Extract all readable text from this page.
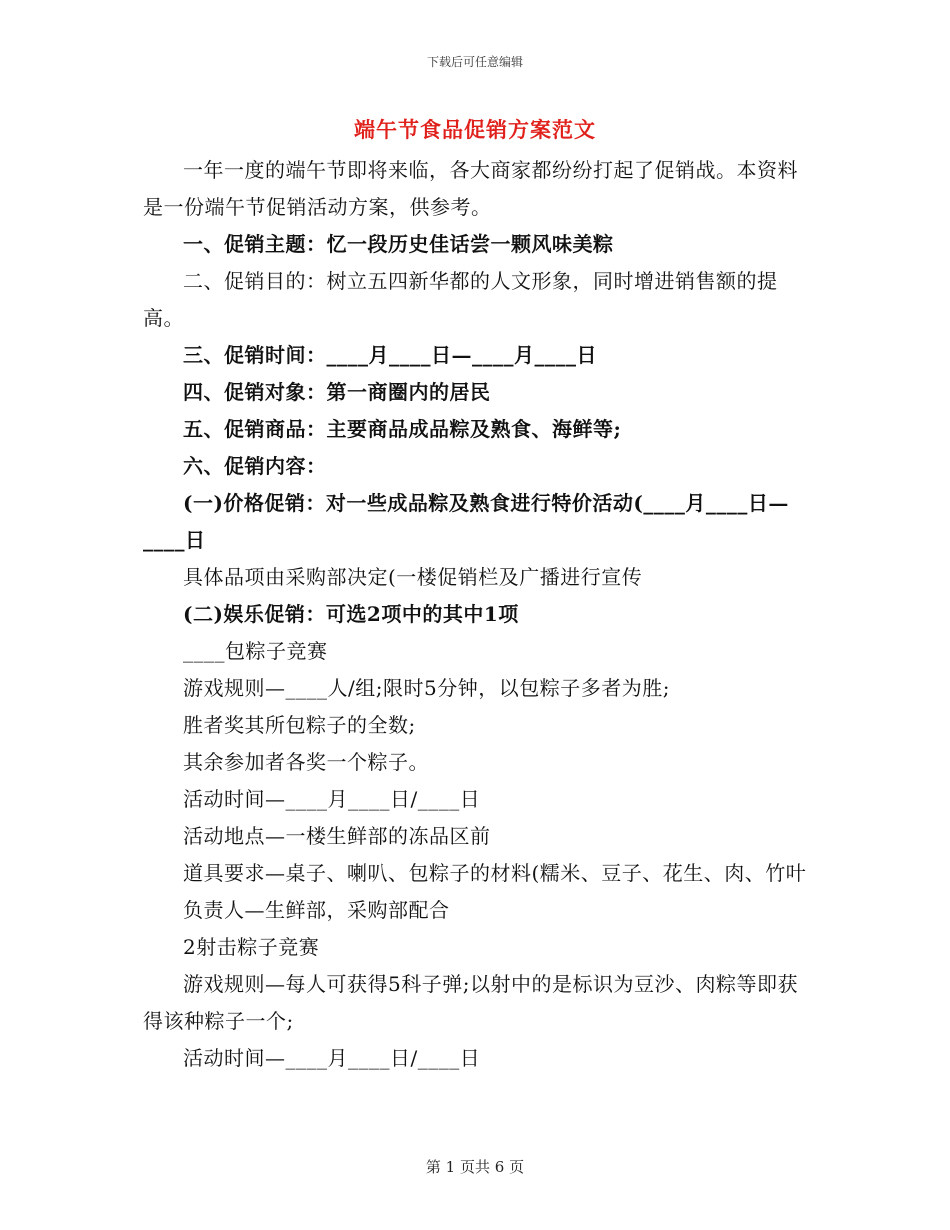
下载后可任意编辑
端午节食品促销方案范文

一年一度的端午节即将来临，各大商家都纷纷打起了促销战。本资料是一份端午节促销活动方案，供参考。

一、促销主题：忆一段历史佳话尝一颗风味美粽

二、促销目的：树立五四新华都的人文形象，同时增进销售额的提高。

三、促销时间：____月____日—____月____日

四、促销对象：第一商圈内的居民

五、促销商品：主要商品成品粽及熟食、海鲜等;

六、促销内容：

(一)价格促销：对一些成品粽及熟食进行特价活动(____月____日—____日

具体品项由采购部决定(一楼促销栏及广播进行宣传

(二)娱乐促销：可选2项中的其中1项

____包粽子竞赛

游戏规则—____人/组;限时5分钟，以包粽子多者为胜;

胜者奖其所包粽子的全数;

其余参加者各奖一个粽子。

活动时间—____月____日/____日

活动地点—一楼生鲜部的冻品区前

道具要求—桌子、喇叭、包粽子的材料(糯米、豆子、花生、肉、竹叶

负责人—生鲜部，采购部配合

2射击粽子竞赛

游戏规则—每人可获得5科子弹;以射中的是标识为豆沙、肉粽等即获得该种粽子一个;

活动时间—____月____日/____日

第 1 页共 6 页
